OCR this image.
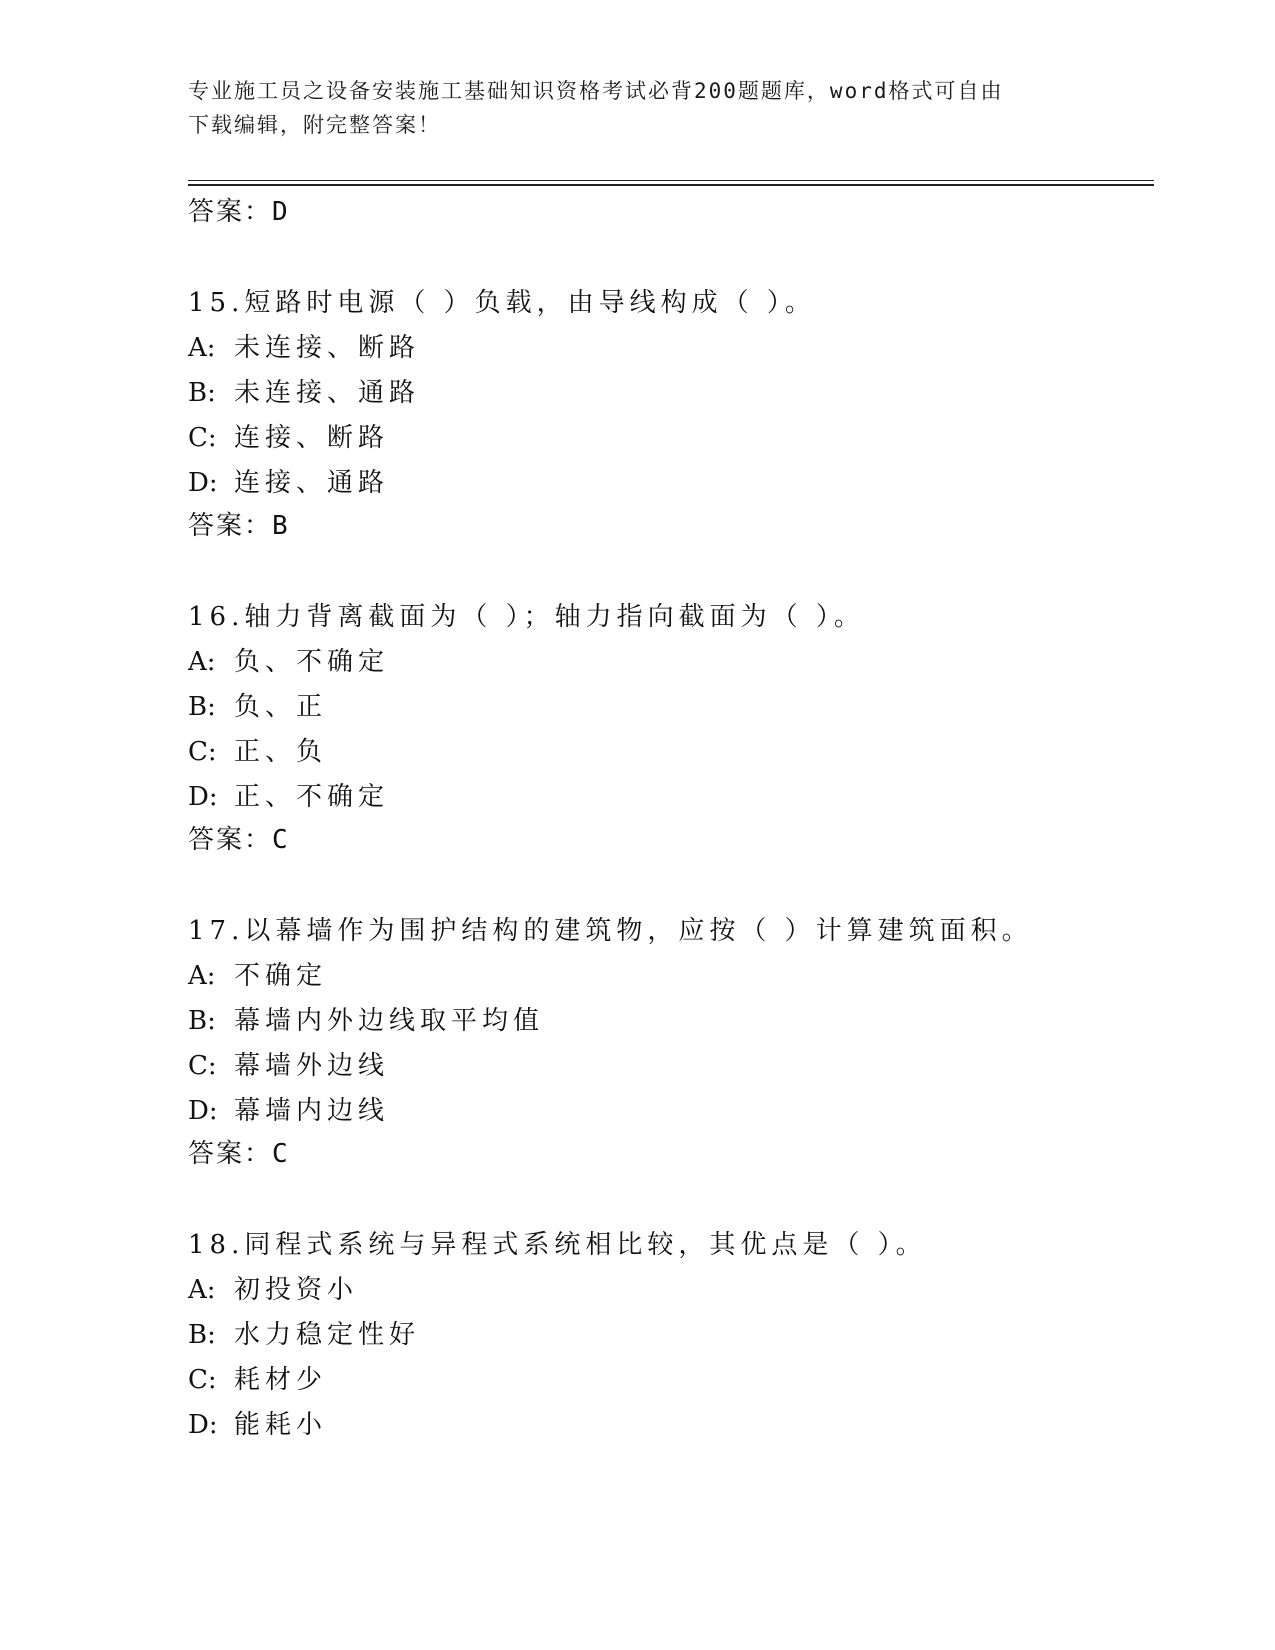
专业施工员之设备安装施工基础知识资格考试必背200题题库，word格式可自由
下载编辑，附完整答案！
答案：D
15.短路时电源（ ）负载，由导线构成（ ）。
A: 未连接、断路
B: 未连接、通路
C: 连接、断路
D: 连接、通路
答案：B
16.轴力背离截面为（ ）；轴力指向截面为（ ）。
A: 负、不确定
B: 负、正
C: 正、负
D: 正、不确定
答案：C
17.以幕墙作为围护结构的建筑物，应按（ ）计算建筑面积。
A: 不确定
B: 幕墙内外边线取平均值
C: 幕墙外边线
D: 幕墙内边线
答案：C
18.同程式系统与异程式系统相比较，其优点是（ ）。
A: 初投资小
B: 水力稳定性好
C: 耗材少
D: 能耗小
